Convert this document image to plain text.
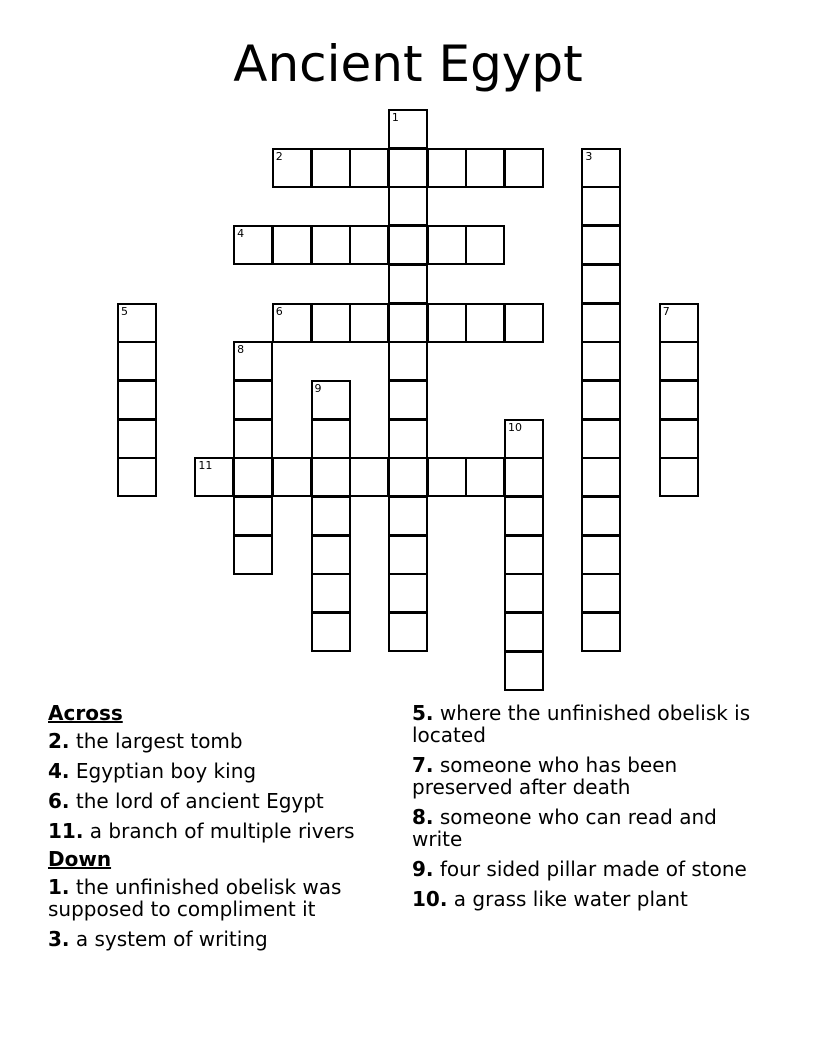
Ancient Egypt
1
2	3
4
5	6	7
8
9
10
11
Across
2. the largest tomb
4. Egyptian boy king
6. the lord of ancient Egypt
11. a branch of multiple rivers
Down
1. the unfinished obelisk was supposed to compliment it
3. a system of writing
5. where the unfinished obelisk is located
7. someone who has been preserved after death
8. someone who can read and write
9. four sided pillar made of stone
10. a grass like water plant
